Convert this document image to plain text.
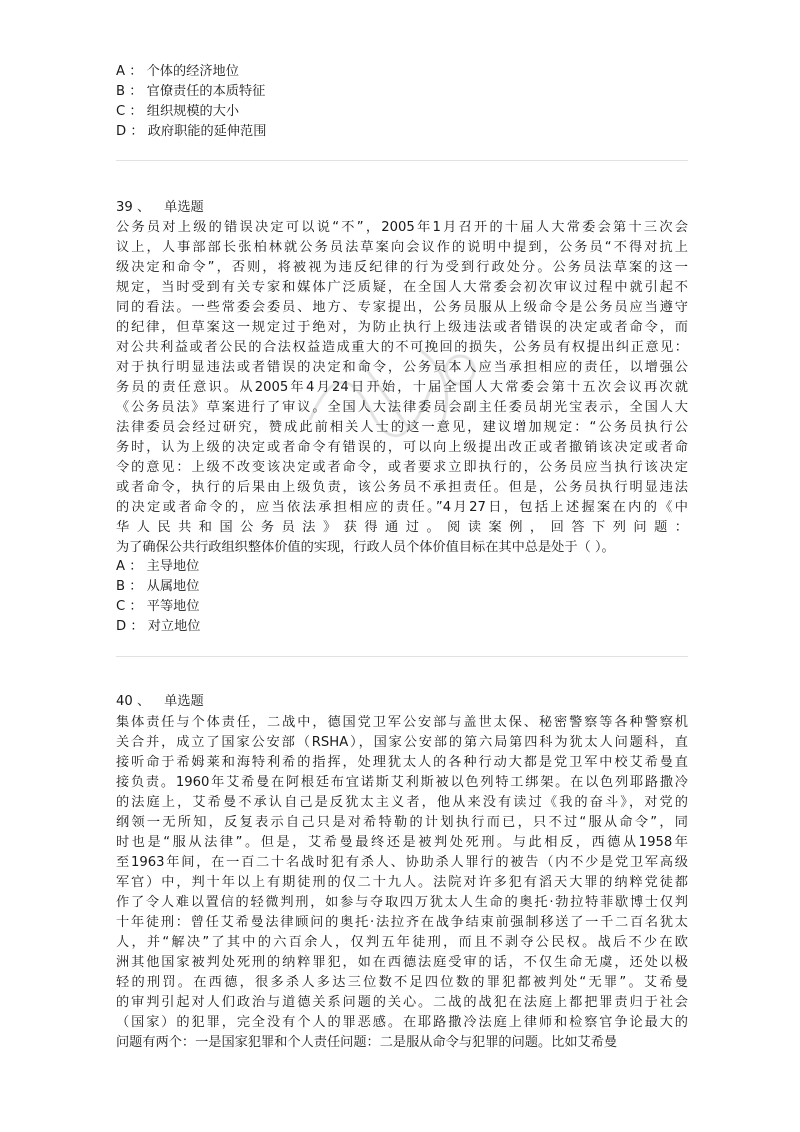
A ： 个体的经济地位
B ： 官僚责任的本质特征
C ： 组织规模的大小
D ： 政府职能的延伸范围
39 、 单选题
公务员对上级的错误决定可以说“不”，2005年1月召开的十届人大常委会第十三次会
议上，人事部部长张柏林就公务员法草案向会议作的说明中提到，公务员“不得对抗上
级决定和命令”，否则，将被视为违反纪律的行为受到行政处分。公务员法草案的这一
规定，当时受到有关专家和媒体广泛质疑，在全国人大常委会初次审议过程中就引起不
同的看法。一些常委会委员、地方、专家提出，公务员服从上级命令是公务员应当遵守
的纪律，但草案这一规定过于绝对，为防止执行上级违法或者错误的决定或者命令，而
对公共利益或者公民的合法权益造成重大的不可挽回的损失，公务员有权提出纠正意见：
对于执行明显违法或者错误的决定和命令，公务员本人应当承担相应的责任，以增强公
务员的责任意识。从2005年4月24日开始，十届全国人大常委会第十五次会议再次就
《公务员法》草案进行了审议。全国人大法律委员会副主任委员胡光宝表示，全国人大
法律委员会经过研究，赞成此前相关人士的这一意见，建议增加规定：“公务员执行公
务时，认为上级的决定或者命令有错误的，可以向上级提出改正或者撤销该决定或者命
令的意见：上级不改变该决定或者命令，或者要求立即执行的，公务员应当执行该决定
或者命令，执行的后果由上级负责，该公务员不承担责任。但是，公务员执行明显违法
的决定或者命令的，应当依法承担相应的责任。”4月27日，包括上述握案在内的《中
华人民共和国公务员法》获得通过。阅读案例，回答下列问题：
为了确保公共行政组织整体价值的实现，行政人员个体价值目标在其中总是处于（ ）。
A ： 主导地位
B ： 从属地位
C ： 平等地位
D ： 对立地位
40 、 单选题
集体责任与个体责任，二战中，德国党卫军公安部与盖世太保、秘密警察等各种警察机
关合并，成立了国家公安部（RSHA），国家公安部的第六局第四科为犹太人问题科，直
接听命于希姆莱和海特利希的指挥，处理犹太人的各种行动大都是党卫军中校艾希曼直
接负责。1960年艾希曼在阿根廷布宜诺斯艾利斯被以色列特工绑架。在以色列耶路撒冷
的法庭上，艾希曼不承认自己是反犹太主义者，他从来没有读过《我的奋斗》，对党的
纲领一无所知，反复表示自己只是对希特勒的计划执行而已，只不过“服从命令”，同
时也是“服从法律”。但是，艾希曼最终还是被判处死刑。与此相反，西德从1958年
至1963年间，在一百二十名战时犯有杀人、协助杀人罪行的被告（内不少是党卫军高级
军官）中，判十年以上有期徒刑的仅二十九人。法院对许多犯有滔天大罪的纳粹党徒都
作了令人难以置信的轻微判刑，如参与夺取四万犹太人生命的奥托·勃拉特菲歇博士仅判
十年徒刑：曾任艾希曼法律顾问的奥托·法拉齐在战争结束前强制移送了一千二百名犹太
人，并“解决”了其中的六百余人，仅判五年徒刑，而且不剥夺公民权。战后不少在欧
洲其他国家被判处死刑的纳粹罪犯，如在西德法庭受审的话，不仅生命无虞，还处以极
轻的刑罚。在西德，很多杀人多达三位数不足四位数的罪犯都被判处“无罪”。艾希曼
的审判引起对人们政治与道德关系问题的关心。二战的战犯在法庭上都把罪责归于社会
（国家）的犯罪，完全没有个人的罪恶感。在耶路撒冷法庭上律师和检察官争论最大的
问题有两个：一是国家犯罪和个人责任问题：二是服从命令与犯罪的问题。比如艾希曼
